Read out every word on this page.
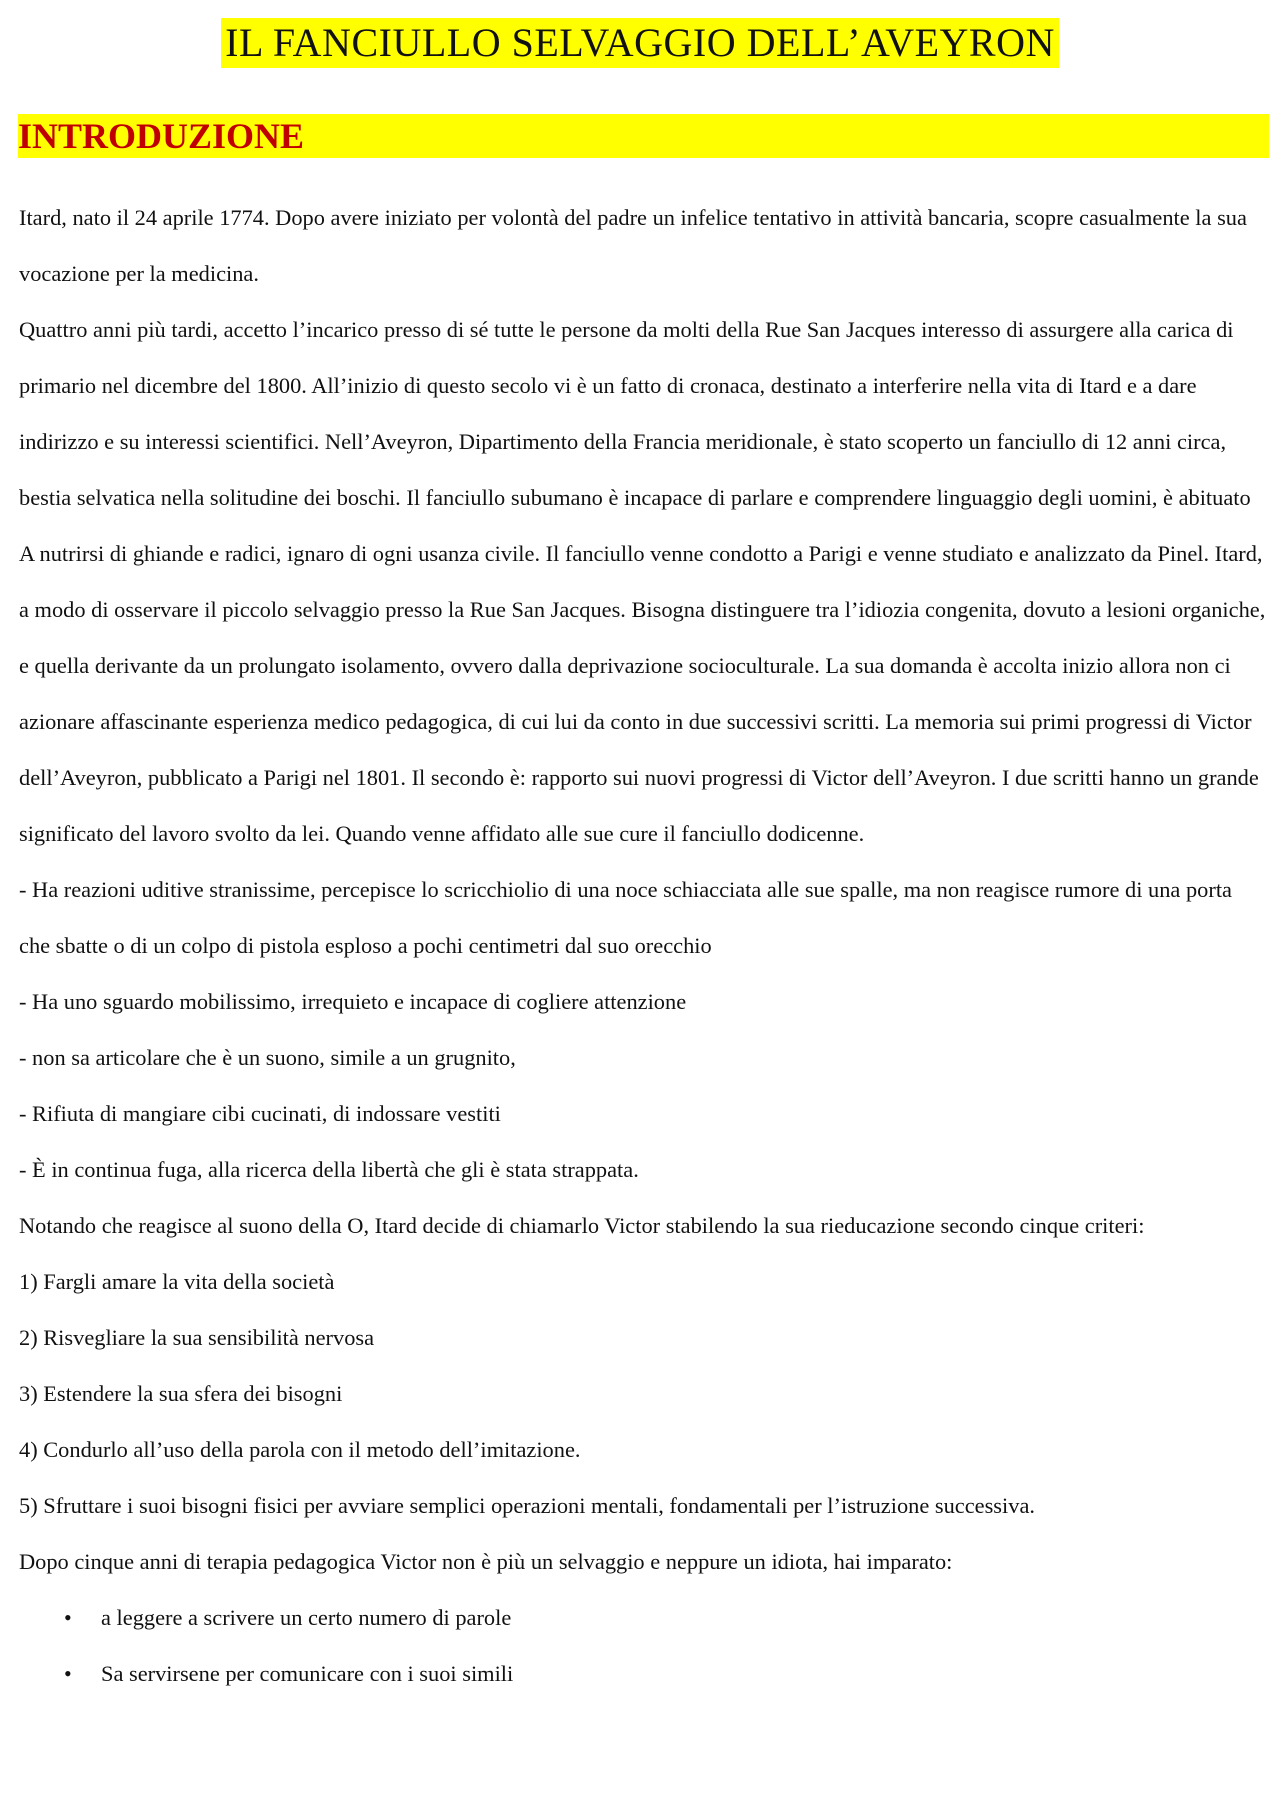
IL FANCIULLO SELVAGGIO DELL’AVEYRON
INTRODUZIONE

Itard, nato il 24 aprile 1774. Dopo avere iniziato per volontà del padre un infelice tentativo in attività bancaria, scopre casualmente la sua vocazione per la medicina.

Quattro anni più tardi, accetto l’incarico presso di sé tutte le persone da molti della Rue San Jacques interesso di assurgere alla carica di primario nel dicembre del 1800. All’inizio di questo secolo vi è un fatto di cronaca, destinato a interferire nella vita di Itard e a dare indirizzo e su interessi scientifici. Nell’Aveyron, Dipartimento della Francia meridionale, è stato scoperto un fanciullo di 12 anni circa, bestia selvatica nella solitudine dei boschi. Il fanciullo subumano è incapace di parlare e comprendere linguaggio degli uomini, è abituato A nutrirsi di ghiande e radici, ignaro di ogni usanza civile. Il fanciullo venne condotto a Parigi e venne studiato e analizzato da Pinel. Itard, a modo di osservare il piccolo selvaggio presso la Rue San Jacques. Bisogna distinguere tra l’idiozia congenita, dovuto a lesioni organiche, e quella derivante da un prolungato isolamento, ovvero dalla deprivazione socioculturale. La sua domanda è accolta inizio allora non ci azionare affascinante esperienza medico pedagogica, di cui lui da conto in due successivi scritti. La memoria sui primi progressi di Victor dell’Aveyron, pubblicato a Parigi nel 1801. Il secondo è: rapporto sui nuovi progressi di Victor dell’Aveyron. I due scritti hanno un grande significato del lavoro svolto da lei. Quando venne affidato alle sue cure il fanciullo dodicenne.

- Ha reazioni uditive stranissime, percepisce lo scricchiolio di una noce schiacciata alle sue spalle, ma non reagisce rumore di una porta che sbatte o di un colpo di pistola esploso a pochi centimetri dal suo orecchio

- Ha uno sguardo mobilissimo, irrequieto e incapace di cogliere attenzione

- non sa articolare che è un suono, simile a un grugnito,

- Rifiuta di mangiare cibi cucinati, di indossare vestiti

- È in continua fuga, alla ricerca della libertà che gli è stata strappata.

Notando che reagisce al suono della O, Itard decide di chiamarlo Victor stabilendo la sua rieducazione secondo cinque criteri:

1) Fargli amare la vita della società

2) Risvegliare la sua sensibilità nervosa

3) Estendere la sua sfera dei bisogni

4) Condurlo all’uso della parola con il metodo dell’imitazione.

5) Sfruttare i suoi bisogni fisici per avviare semplici operazioni mentali, fondamentali per l’istruzione successiva.

Dopo cinque anni di terapia pedagogica Victor non è più un selvaggio e neppure un idiota, hai imparato:

• a leggere a scrivere un certo numero di parole
• Sa servirsene per comunicare con i suoi simili
